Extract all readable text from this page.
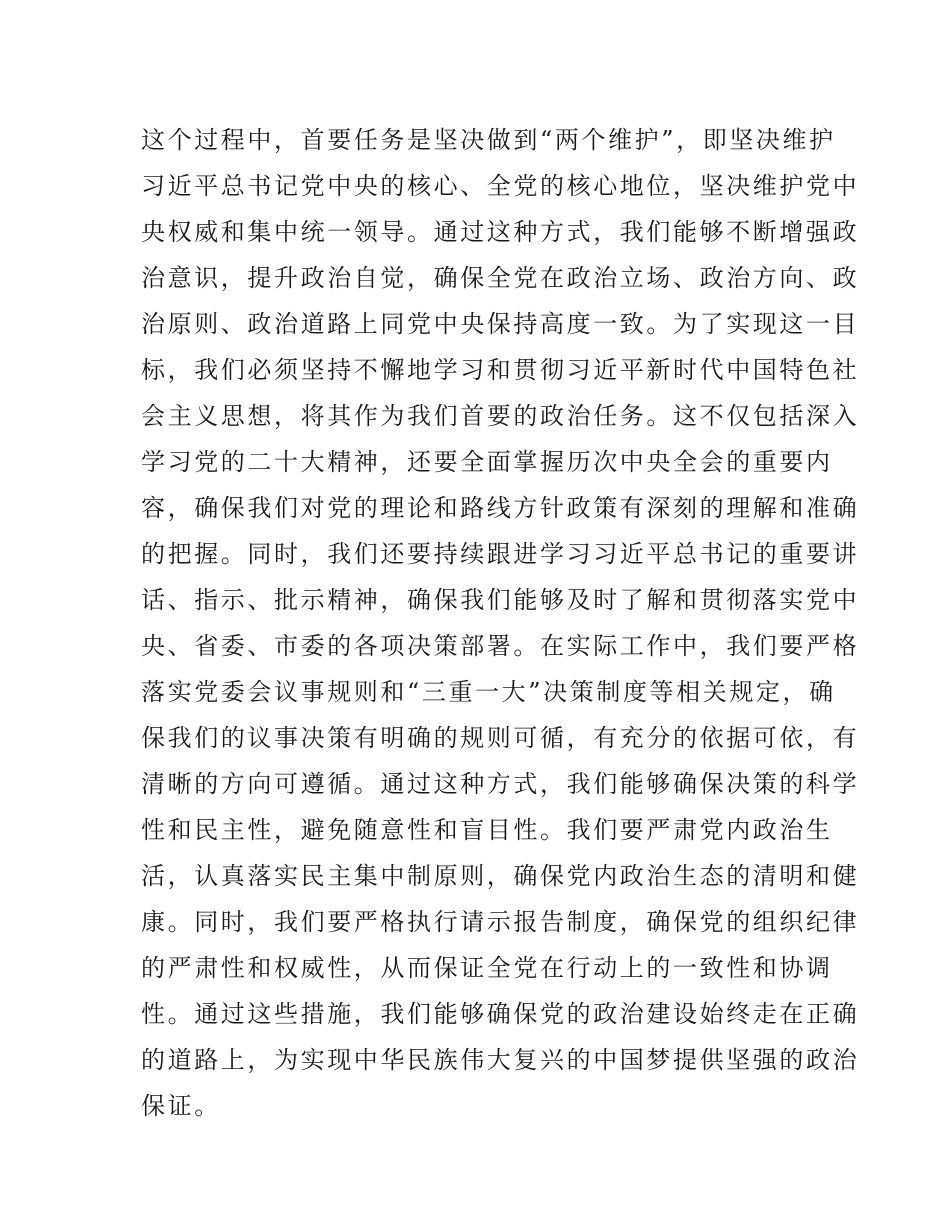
这个过程中，首要任务是坚决做到“两个维护”，即坚决维护
习近平总书记党中央的核心、全党的核心地位，坚决维护党中
央权威和集中统一领导。通过这种方式，我们能够不断增强政
治意识，提升政治自觉，确保全党在政治立场、政治方向、政
治原则、政治道路上同党中央保持高度一致。为了实现这一目
标，我们必须坚持不懈地学习和贯彻习近平新时代中国特色社
会主义思想，将其作为我们首要的政治任务。这不仅包括深入
学习党的二十大精神，还要全面掌握历次中央全会的重要内
容，确保我们对党的理论和路线方针政策有深刻的理解和准确
的把握。同时，我们还要持续跟进学习习近平总书记的重要讲
话、指示、批示精神，确保我们能够及时了解和贯彻落实党中
央、省委、市委的各项决策部署。在实际工作中，我们要严格
落实党委会议事规则和“三重一大”决策制度等相关规定，确
保我们的议事决策有明确的规则可循，有充分的依据可依，有
清晰的方向可遵循。通过这种方式，我们能够确保决策的科学
性和民主性，避免随意性和盲目性。我们要严肃党内政治生
活，认真落实民主集中制原则，确保党内政治生态的清明和健
康。同时，我们要严格执行请示报告制度，确保党的组织纪律
的严肃性和权威性，从而保证全党在行动上的一致性和协调
性。通过这些措施，我们能够确保党的政治建设始终走在正确
的道路上，为实现中华民族伟大复兴的中国梦提供坚强的政治
保证。
